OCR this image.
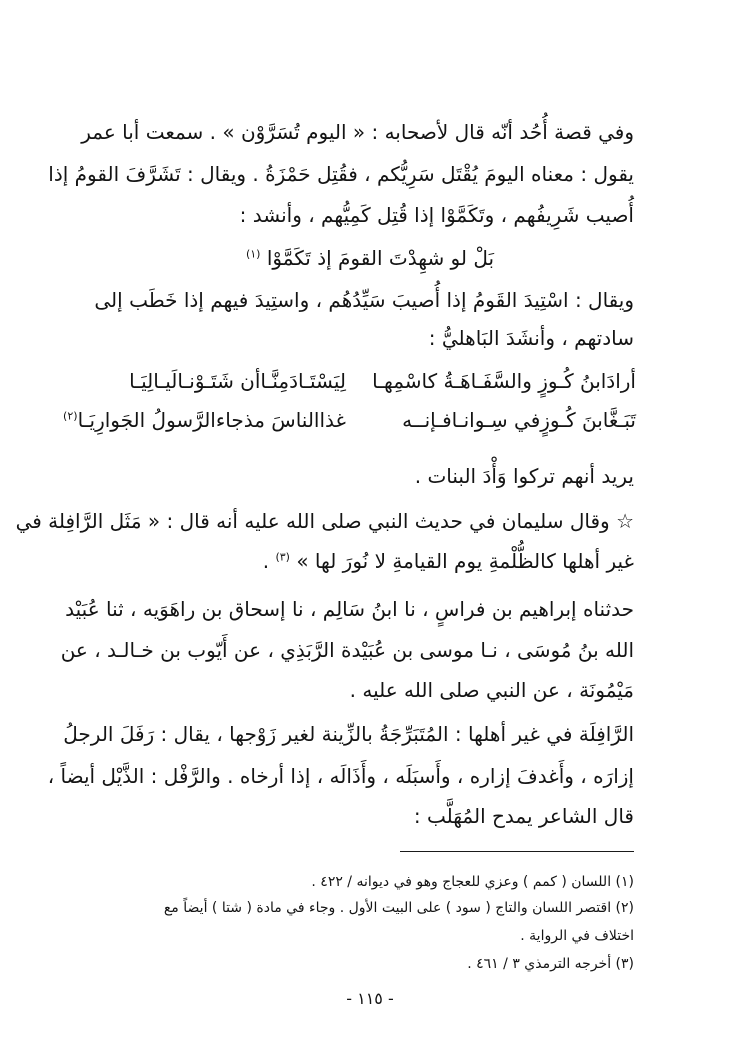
وفي قصة أُحُد أنّه قال لأصحابه : « اليوم تُسَرَّوْن » . سمعت أبا عمر
يقول : معناه اليومَ يُقْتَل سَرِيُّكم ، فقُتِل حَمْزَةُ . ويقال : تَشَرَّفَ القومُ إذا
أُصيب شَرِيفُهم ، وتَكَمَّوْا إذا قُتِل كَمِيُّهم ، وأنشد :
بَلْ لو شهِدْتَ القومَ إذ تَكَمَّوْا $^{(١)}$
ويقال : اسْتِيدَ القَومُ إذا أُصيبَ سَيِّدُهُم ، واستِيدَ فيهم إذا خَطَب إلى
سادتهم ، وأنشَدَ البَاهليُّ :
أرادَابنُ كُـوزٍ والسَّفَـاهَـةُ كاسْمِهـا
لِيَسْتَـادَمِنَّـاأن شَتَـوْنـالَيـالِيَـا
تَبَـغَّابنَ كُـوزٍفي سِـوانـافـإنــه
غذاالناسَ مذجاءالرَّسولُ الجَوارِيَـا$^{(٢)}$
يريد أنهم تركوا وَأْدَ البنات .
☆ وقال سليمان في حديث النبي صلى الله عليه أنه قال : « مَثَل الرَّافِلة في
غير أهلها كالظُّلْمةِ يوم القيامةِ لا نُورَ لها » $^{(٣)}$ .
حدثناه إبراهيم بن فراسٍ ، نا ابنُ سَالِم ، نا إسحاق بن راهَوَيه ، ثنا عُبَيْد
الله بنُ مُوسَى ، نـا موسى بن عُبَيْدة الرَّبَذِي ، عن أَيّوب بن خـالـد ، عن
مَيْمُونَة ، عن النبي صلى الله عليه .
الرَّافِلَة في غير أهلها : المُتَبَرِّجَةُ بالزِّينة لغير زَوْجها ، يقال : رَفَلَ الرجلُ
إزارَه ، وأَغدفَ إزاره ، وأَسبَلَه ، وأَذَالَه ، إذا أرخاه . والرَّفْل : الذَّيْل أيضاً ،
قال الشاعر يمدح المُهَلَّب :
(١) اللسان ( كمم ) وعزي للعجاج وهو في ديوانه / ٤٢٢ .
(٢) اقتصر اللسان والتاج ( سود ) على البيت الأول . وجاء في مادة ( شتا ) أيضاً مع
اختلاف في الرواية .
(٣) أخرجه الترمذي ٣ / ٤٦١ .
- ١١٥ -
